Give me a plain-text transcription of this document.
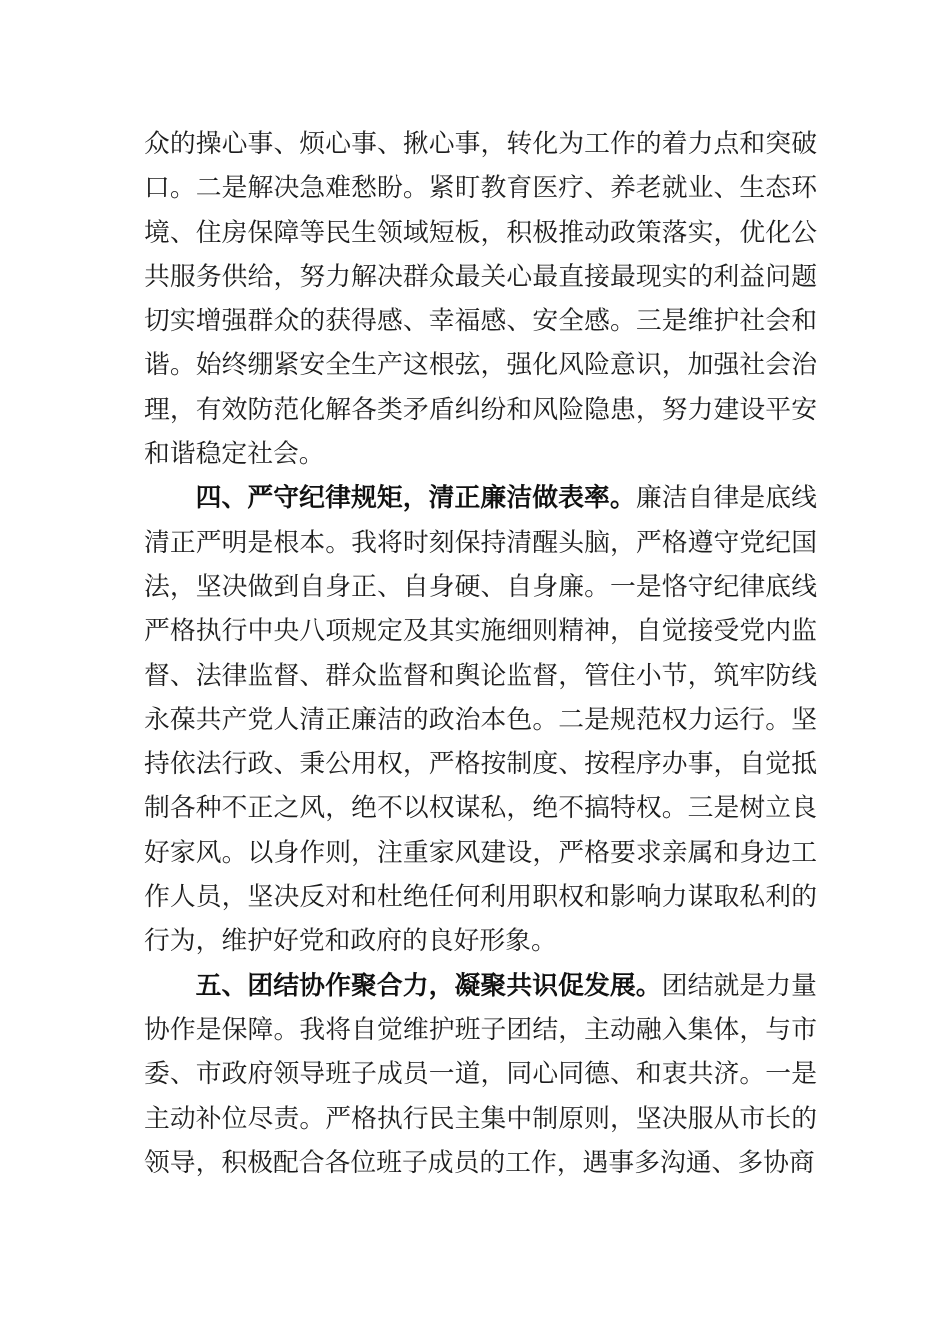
众的操心事、烦心事、揪心事，转化为工作的着力点和突破口。二是解决急难愁盼。紧盯教育医疗、养老就业、生态环境、住房保障等民生领域短板，积极推动政策落实，优化公共服务供给，努力解决群众最关心最直接最现实的利益问题切实增强群众的获得感、幸福感、安全感。三是维护社会和谐。始终绷紧安全生产这根弦，强化风险意识，加强社会治理，有效防范化解各类矛盾纠纷和风险隐患，努力建设平安和谐稳定社会。

四、严守纪律规矩，清正廉洁做表率。廉洁自律是底线清正严明是根本。我将时刻保持清醒头脑，严格遵守党纪国法，坚决做到自身正、自身硬、自身廉。一是恪守纪律底线严格执行中央八项规定及其实施细则精神，自觉接受党内监督、法律监督、群众监督和舆论监督，管住小节，筑牢防线永葆共产党人清正廉洁的政治本色。二是规范权力运行。坚持依法行政、秉公用权，严格按制度、按程序办事，自觉抵制各种不正之风，绝不以权谋私，绝不搞特权。三是树立良好家风。以身作则，注重家风建设，严格要求亲属和身边工作人员，坚决反对和杜绝任何利用职权和影响力谋取私利的行为，维护好党和政府的良好形象。

五、团结协作聚合力，凝聚共识促发展。团结就是力量协作是保障。我将自觉维护班子团结，主动融入集体，与市委、市政府领导班子成员一道，同心同德、和衷共济。一是主动补位尽责。严格执行民主集中制原则，坚决服从市长的领导，积极配合各位班子成员的工作，遇事多沟通、多协商
